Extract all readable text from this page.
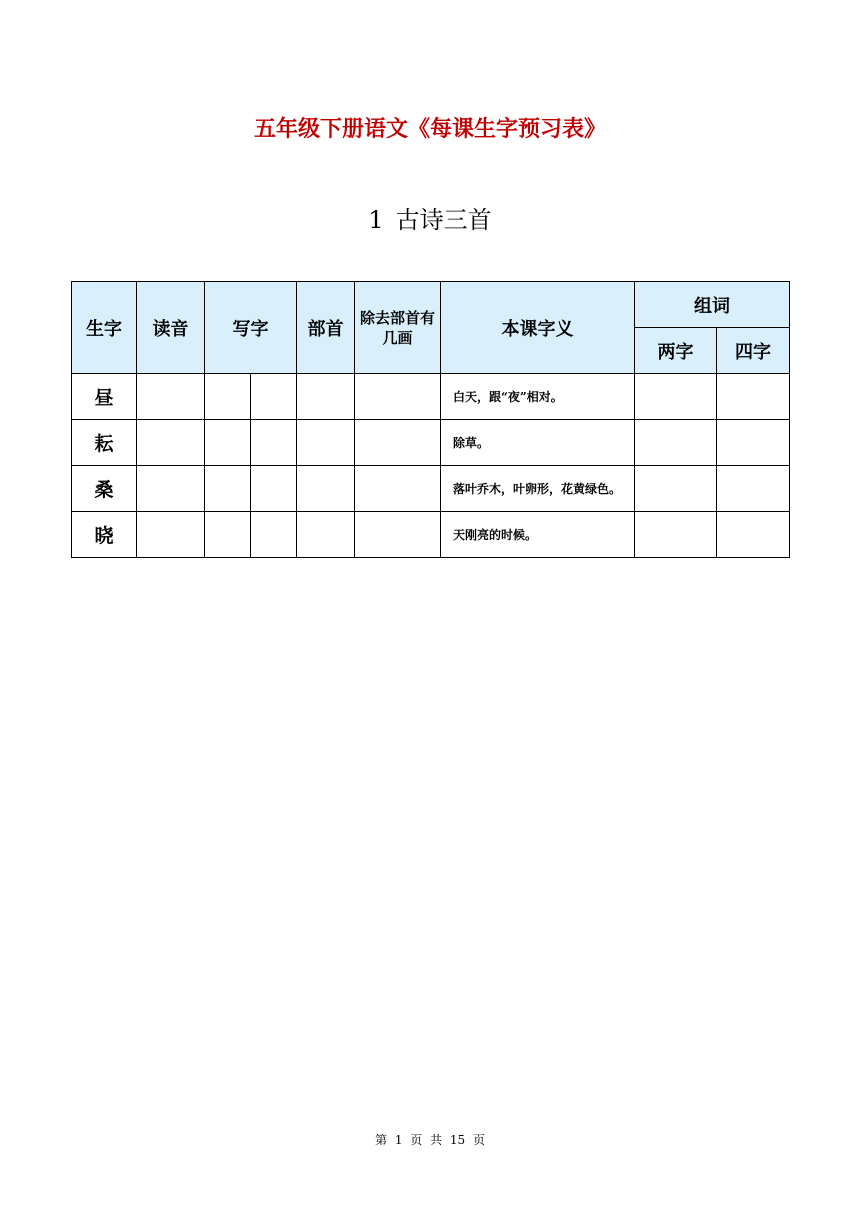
五年级下册语文《每课生字预习表》
1 古诗三首
生字	读音	写字		部首	除去部首有几画	本课字义	组词	
							两字	四字
昼						白天，跟“夜”相对。		
耘						除草。		
桑						落叶乔木，叶卵形，花黄绿色。		
晓						天刚亮的时候。		
第 1 页 共 15 页
